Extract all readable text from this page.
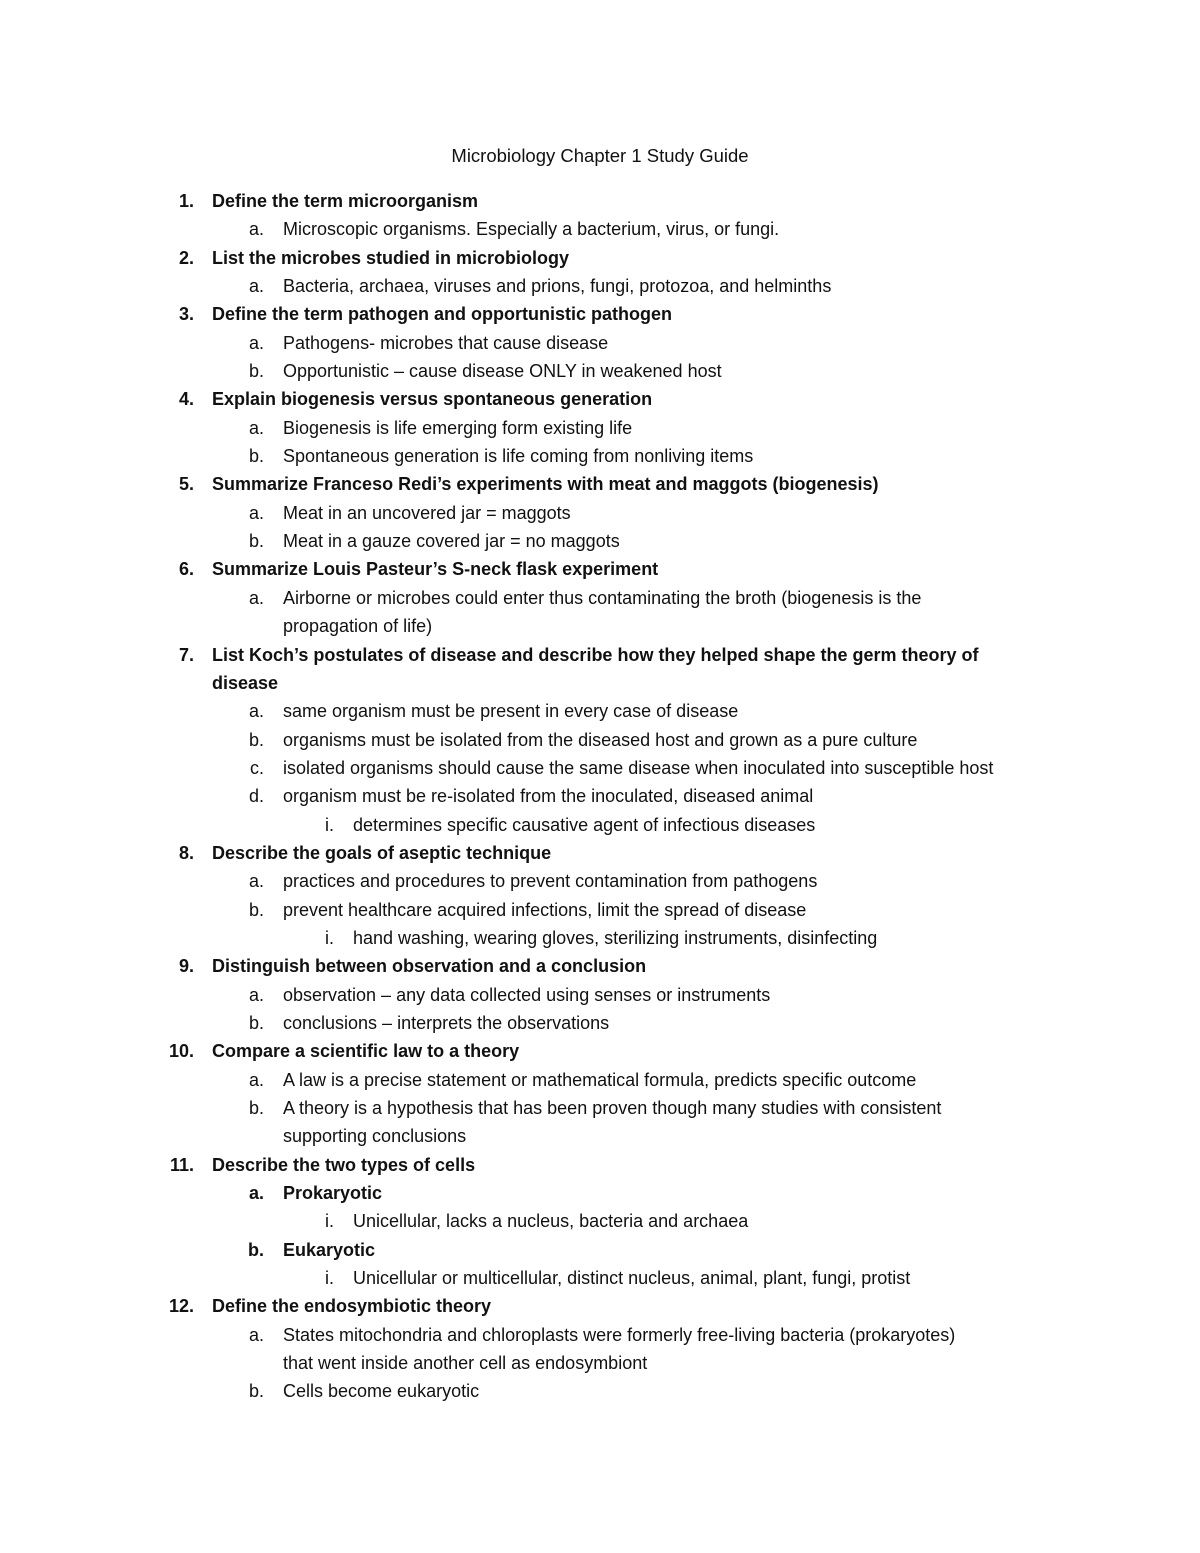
Microbiology Chapter 1 Study Guide
1. Define the term microorganism
a. Microscopic organisms. Especially a bacterium, virus, or fungi.
2. List the microbes studied in microbiology
a. Bacteria, archaea, viruses and prions, fungi, protozoa, and helminths
3. Define the term pathogen and opportunistic pathogen
a. Pathogens- microbes that cause disease
b. Opportunistic – cause disease ONLY in weakened host
4. Explain biogenesis versus spontaneous generation
a. Biogenesis is life emerging form existing life
b. Spontaneous generation is life coming from nonliving items
5. Summarize Franceso Redi’s experiments with meat and maggots (biogenesis)
a. Meat in an uncovered jar = maggots
b. Meat in a gauze covered jar = no maggots
6. Summarize Louis Pasteur’s S-neck flask experiment
a. Airborne or microbes could enter thus contaminating the broth (biogenesis is the
propagation of life)
7. List Koch’s postulates of disease and describe how they helped shape the germ theory of
disease
a. same organism must be present in every case of disease
b. organisms must be isolated from the diseased host and grown as a pure culture
c. isolated organisms should cause the same disease when inoculated into susceptible host
d. organism must be re-isolated from the inoculated, diseased animal
i. determines specific causative agent of infectious diseases
8. Describe the goals of aseptic technique
a. practices and procedures to prevent contamination from pathogens
b. prevent healthcare acquired infections, limit the spread of disease
i. hand washing, wearing gloves, sterilizing instruments, disinfecting
9. Distinguish between observation and a conclusion
a. observation – any data collected using senses or instruments
b. conclusions – interprets the observations
10. Compare a scientific law to a theory
a. A law is a precise statement or mathematical formula, predicts specific outcome
b. A theory is a hypothesis that has been proven though many studies with consistent
supporting conclusions
11. Describe the two types of cells
a. Prokaryotic
i. Unicellular, lacks a nucleus, bacteria and archaea
b. Eukaryotic
i. Unicellular or multicellular, distinct nucleus, animal, plant, fungi, protist
12. Define the endosymbiotic theory
a. States mitochondria and chloroplasts were formerly free-living bacteria (prokaryotes)
that went inside another cell as endosymbiont
b. Cells become eukaryotic
